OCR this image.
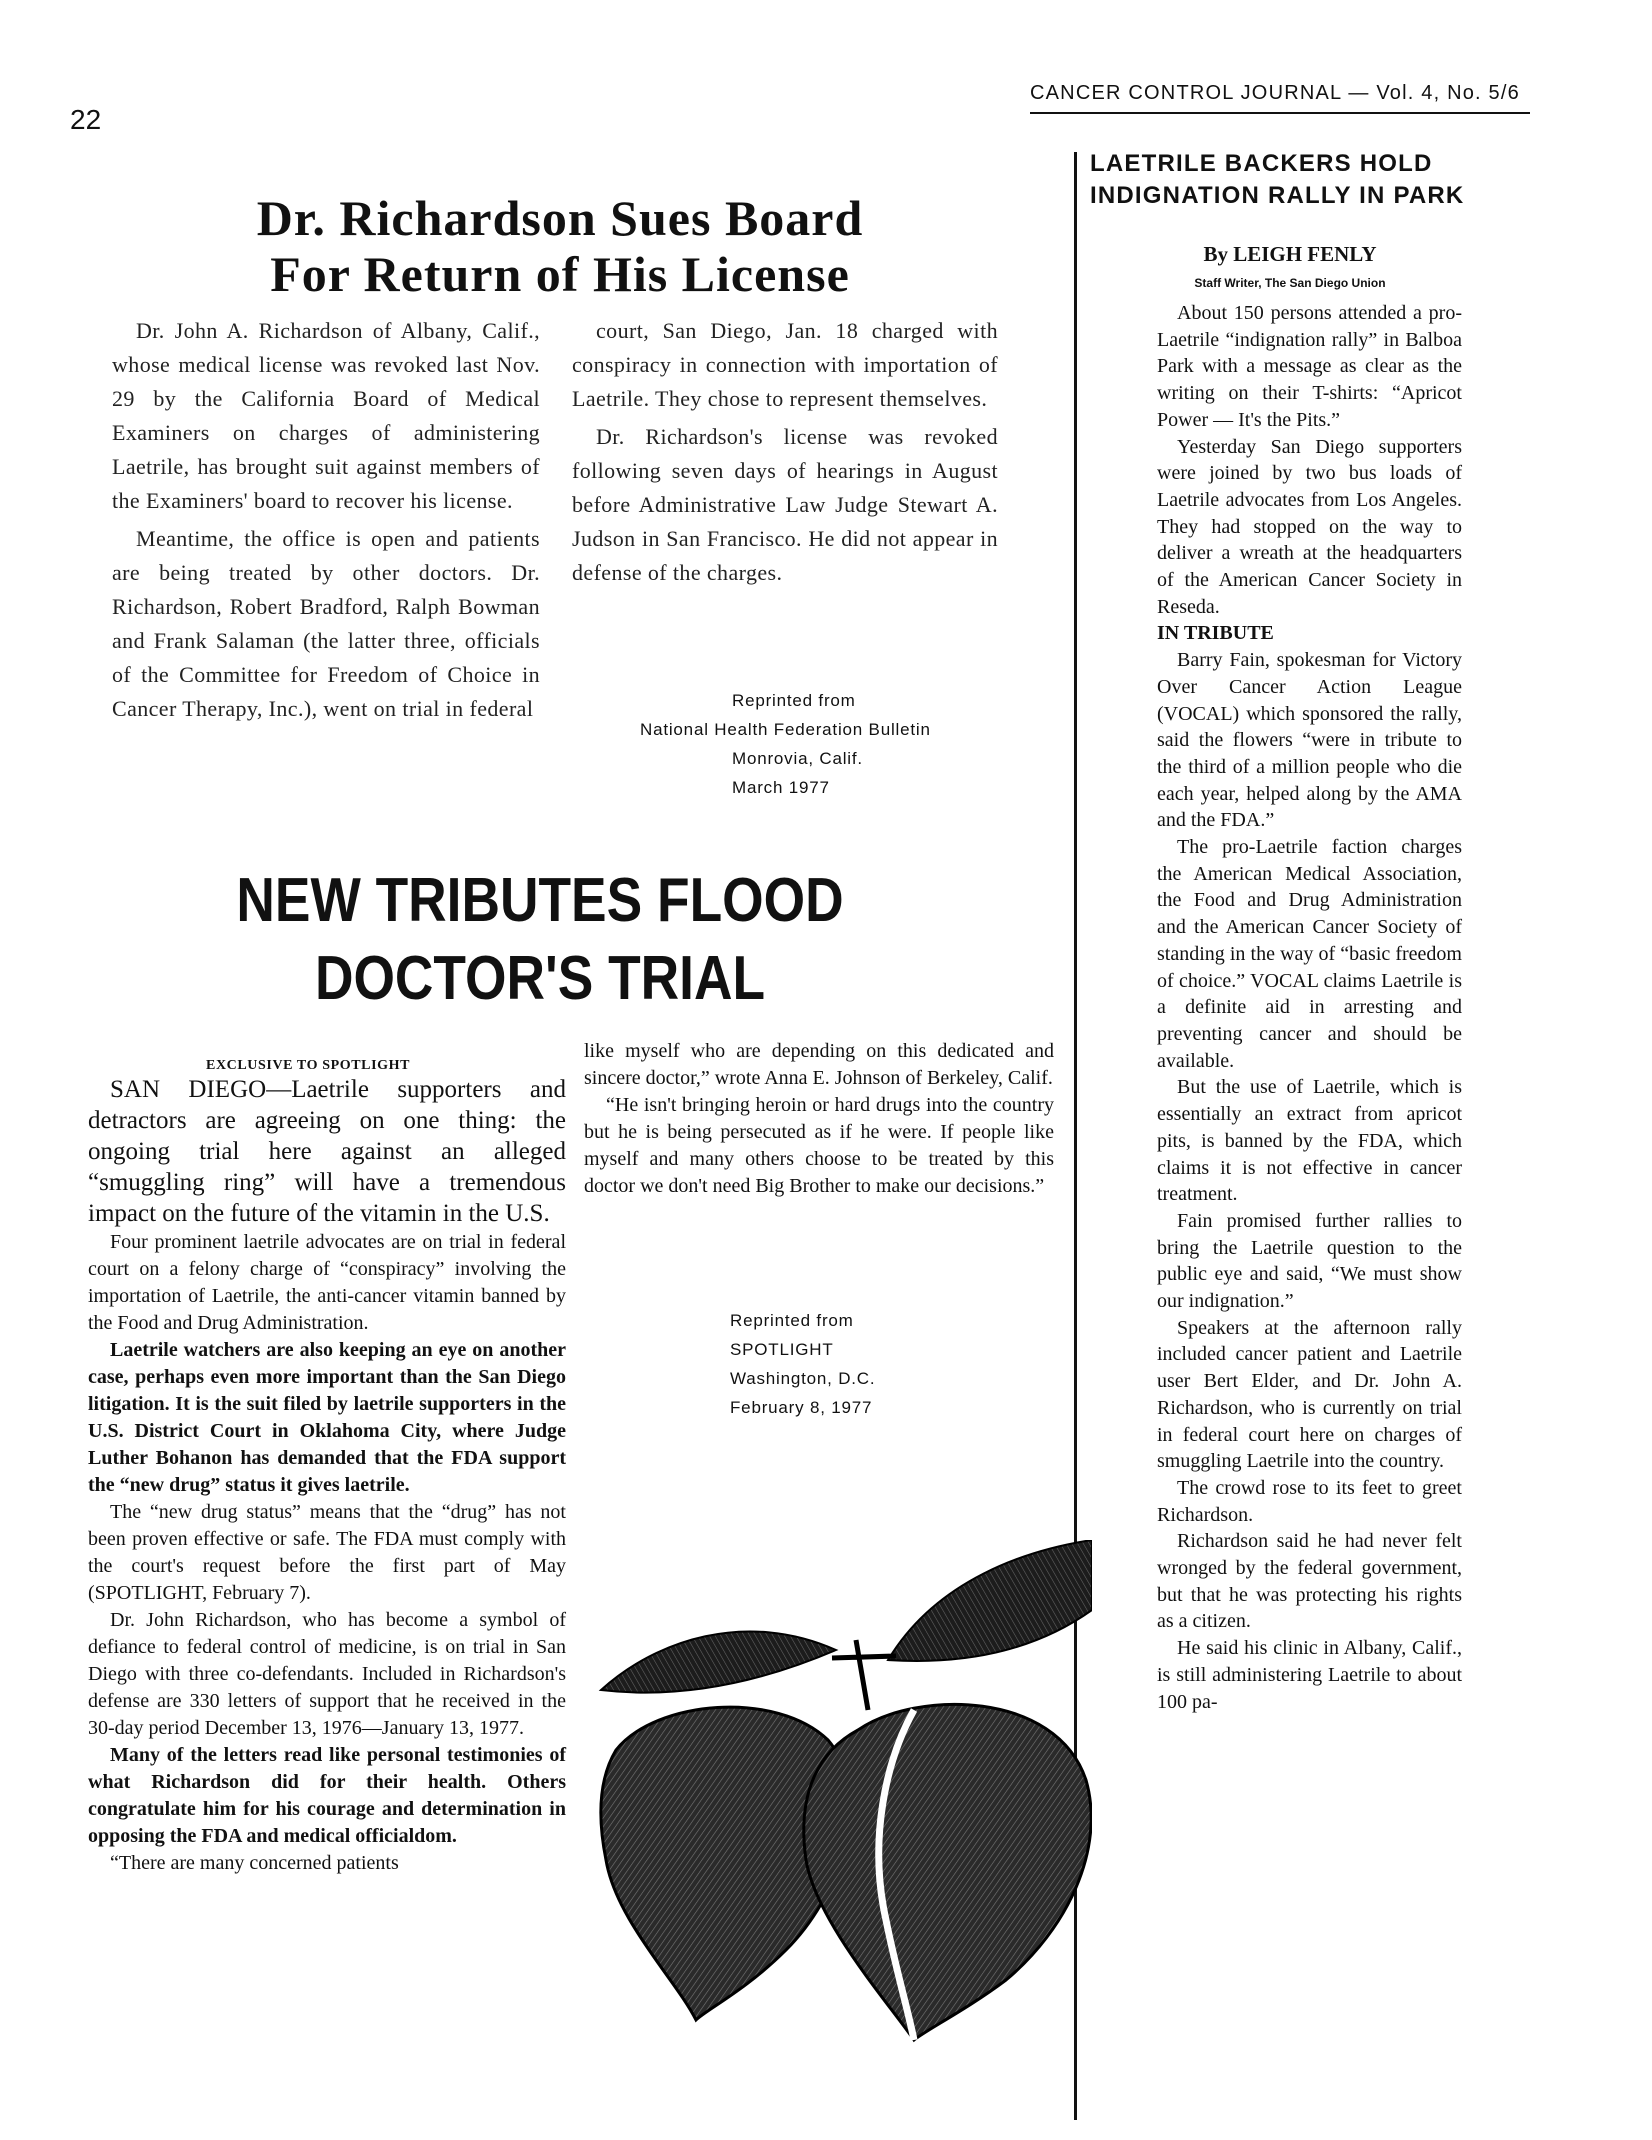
22

CANCER CONTROL JOURNAL — Vol. 4, No. 5/6

Dr. Richardson Sues Board
For Return of His License

Dr. John A. Richardson of Albany, Calif., whose medical license was revoked last Nov. 29 by the California Board of Medical Examiners on charges of administering Laetrile, has brought suit against members of the Examiners' board to recover his license.

Meantime, the office is open and patients are being treated by other doctors. Dr. Richardson, Robert Bradford, Ralph Bowman and Frank Salaman (the latter three, officials of the Committee for Freedom of Choice in Cancer Therapy, Inc.), went on trial in federal

court, San Diego, Jan. 18 charged with conspiracy in connection with importation of Laetrile. They chose to represent themselves.

Dr. Richardson's license was revoked following seven days of hearings in August before Administrative Law Judge Stewart A. Judson in San Francisco. He did not appear in defense of the charges.

Reprinted from
National Health Federation Bulletin
Monrovia, Calif.
March 1977
NEW TRIBUTES FLOOD
DOCTOR'S TRIAL

EXCLUSIVE TO SPOTLIGHT

SAN DIEGO—Laetrile supporters and detractors are agreeing on one thing: the ongoing trial here against an alleged “smuggling ring” will have a tremendous impact on the future of the vitamin in the U.S.

Four prominent laetrile advocates are on trial in federal court on a felony charge of “conspiracy” involving the importation of Laetrile, the anti-cancer vitamin banned by the Food and Drug Administration.

Laetrile watchers are also keeping an eye on another case, perhaps even more important than the San Diego litigation. It is the suit filed by laetrile supporters in the U.S. District Court in Oklahoma City, where Judge Luther Bohanon has demanded that the FDA support the “new drug” status it gives laetrile.

The “new drug status” means that the “drug” has not been proven effective or safe. The FDA must comply with the court's request before the first part of May (SPOTLIGHT, February 7).

Dr. John Richardson, who has become a symbol of defiance to federal control of medicine, is on trial in San Diego with three co-defendants. Included in Richardson's defense are 330 letters of support that he received in the 30-day period December 13, 1976—January 13, 1977.

Many of the letters read like personal testimonies of what Richardson did for their health. Others congratulate him for his courage and determination in opposing the FDA and medical officialdom.

“There are many concerned patients

like myself who are depending on this dedicated and sincere doctor,” wrote Anna E. Johnson of Berkeley, Calif.

“He isn't bringing heroin or hard drugs into the country but he is being persecuted as if he were. If people like myself and many others choose to be treated by this doctor we don't need Big Brother to make our decisions.”

Reprinted from
SPOTLIGHT
Washington, D.C.
February 8, 1977
LAETRILE BACKERS HOLD
INDIGNATION RALLY IN PARK

By LEIGH FENLY

Staff Writer, The San Diego Union

About 150 persons attended a pro-Laetrile “indignation rally” in Balboa Park with a message as clear as the writing on their T-shirts: “Apricot Power — It's the Pits.”

Yesterday San Diego supporters were joined by two bus loads of Laetrile advocates from Los Angeles. They had stopped on the way to deliver a wreath at the headquarters of the American Cancer Society in Reseda.

IN TRIBUTE

Barry Fain, spokesman for Victory Over Cancer Action League (VOCAL) which sponsored the rally, said the flowers “were in tribute to the third of a million people who die each year, helped along by the AMA and the FDA.”

The pro-Laetrile faction charges the American Medical Association, the Food and Drug Administration and the American Cancer Society of standing in the way of “basic freedom of choice.” VOCAL claims Laetrile is a definite aid in arresting and preventing cancer and should be available.

But the use of Laetrile, which is essentially an extract from apricot pits, is banned by the FDA, which claims it is not effective in cancer treatment.

Fain promised further rallies to bring the Laetrile question to the public eye and said, “We must show our indignation.”

Speakers at the afternoon rally included cancer patient and Laetrile user Bert Elder, and Dr. John A. Richardson, who is currently on trial in federal court here on charges of smuggling Laetrile into the country.

The crowd rose to its feet to greet Richardson.

Richardson said he had never felt wronged by the federal government, but that he was protecting his rights as a citizen.

He said his clinic in Albany, Calif., is still administering Laetrile to about 100 pa-
